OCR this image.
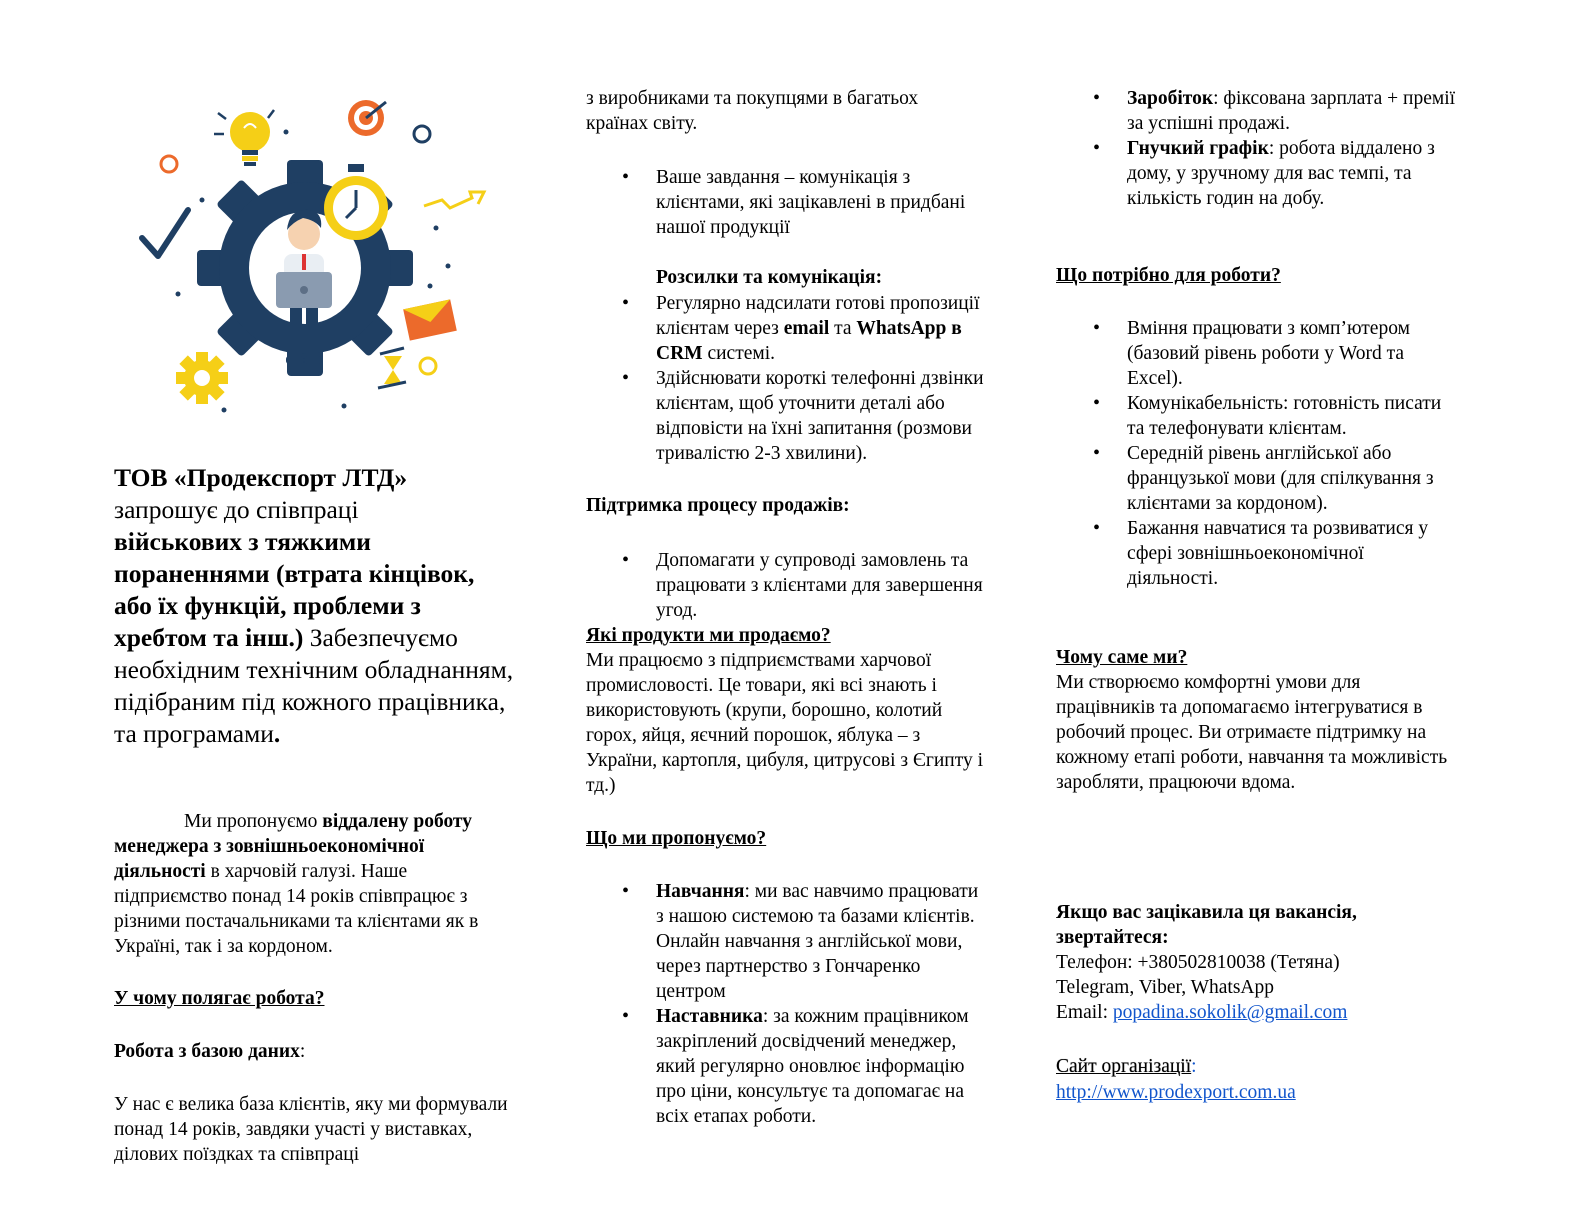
ТОВ «Продекспорт ЛТД»
запрошує до співпраці
військових з тяжкими пораненнями (втрата кінцівок, або їх функцій, проблеми з хребтом та інш.) Забезпечуємо необхідним технічним обладнанням, підібраним під кожного працівника, та програмами.

Ми пропонуємо віддалену роботу менеджера з зовнішньоекономічної діяльності в харчовій галузі. Наше підприємство понад 14 років співпрацює з різними постачальниками та клієнтами як в Україні, так і за кордоном.

У чому полягає робота?

Робота з базою даних:

У нас є велика база клієнтів, яку ми формували понад 14 років, завдяки участі у виставках, ділових поїздках та співпраці

з виробниками та покупцями в багатьох країнах світу.

• Ваше завдання – комунікація з клієнтами, які зацікавлені в придбані нашої продукції

Розсилки та комунікація:

• Регулярно надсилати готові пропозиції клієнтам через email та WhatsApp в CRM системі.
• Здійснювати короткі телефонні дзвінки клієнтам, щоб уточнити деталі або відповісти на їхні запитання (розмови тривалістю 2-3 хвилини).

Підтримка процесу продажів:

• Допомагати у супроводі замовлень та працювати з клієнтами для завершення угод.

Які продукти ми продаємо?

Ми працюємо з підприємствами харчової промисловості. Це товари, які всі знають і використовують (крупи, борошно, колотий горох, яйця, яєчний порошок, яблука – з України, картопля, цибуля, цитрусові з Єгипту і тд.)

Що ми пропонуємо?

• Навчання: ми вас навчимо працювати з нашою системою та базами клієнтів. Онлайн навчання з англійської мови, через партнерство з Гончаренко центром
• Наставника: за кожним працівником закріплений досвідчений менеджер, який регулярно оновлює інформацію про ціни, консультує та допомагає на всіх етапах роботи.
• Заробіток: фіксована зарплата + премії за успішні продажі.
• Гнучкий графік: робота віддалено з дому, у зручному для вас темпі, та кількість годин на добу.

Що потрібно для роботи?

• Вміння працювати з комп’ютером (базовий рівень роботи у Word та Excel).
• Комунікабельність: готовність писати та телефонувати клієнтам.
• Середній рівень англійської або французької мови (для спілкування з клієнтами за кордоном).
• Бажання навчатися та розвиватися у сфері зовнішньоекономічної діяльності.

Чому саме ми?

Ми створюємо комфортні умови для працівників та допомагаємо інтегруватися в робочий процес. Ви отримаєте підтримку на кожному етапі роботи, навчання та можливість заробляти, працюючи вдома.

Якщо вас зацікавила ця вакансія, звертайтеся:

Телефон: +380502810038 (Тетяна)

Telegram, Viber, WhatsApp

Email: popadina.sokolik@gmail.com

Сайт організації:

http://www.prodexport.com.ua
